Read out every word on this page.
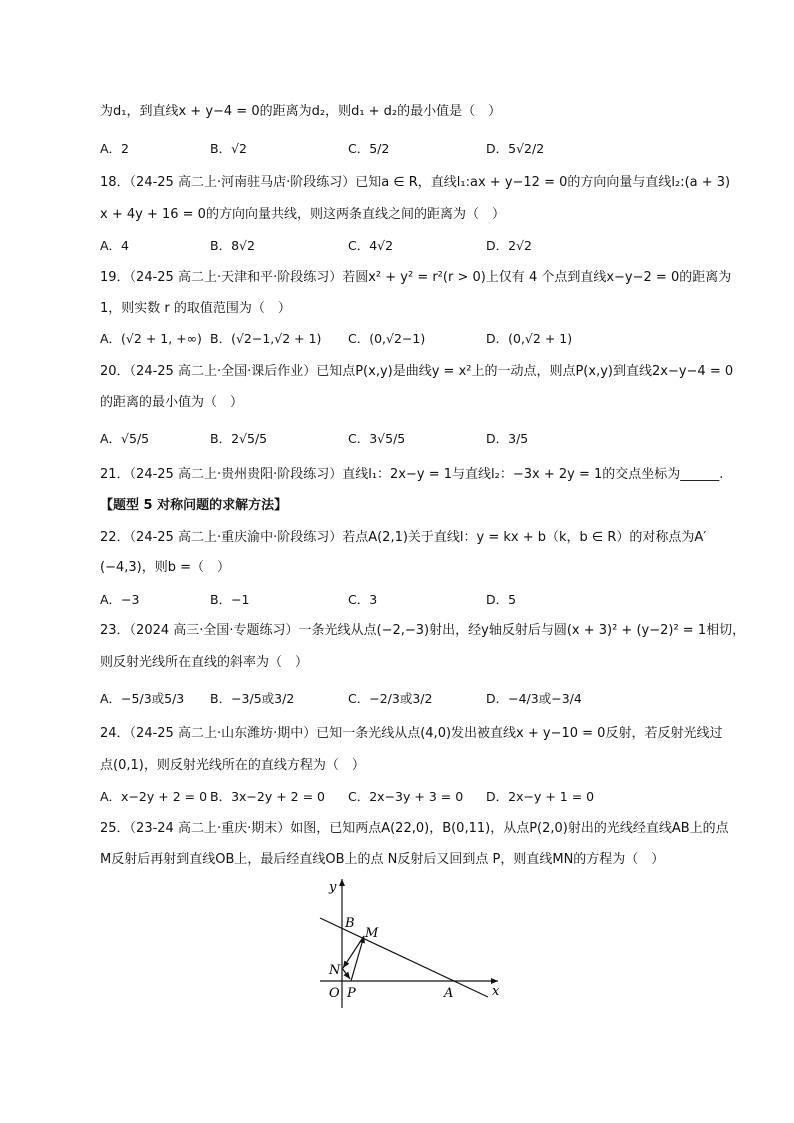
为d₁，到直线x + y−4 = 0的距离为d₂，则d₁ + d₂的最小值是（　）
A．2	B．√2	C．5/2	D．5√2/2
18．（24-25 高二上·河南驻马店·阶段练习）已知a ∈ R，直线l₁:ax + y−12 = 0的方向向量与直线l₂:(a + 3)
x + 4y + 16 = 0的方向向量共线，则这两条直线之间的距离为（　）
A．4	B．8√2	C．4√2	D．2√2
19．（24-25 高二上·天津和平·阶段练习）若圆x² + y² = r²(r > 0)上仅有 4 个点到直线x−y−2 = 0的距离为
1，则实数 r 的取值范围为（　）
A．(√2 + 1, +∞) B．(√2−1,√2 + 1) C．(0,√2−1)	D．(0,√2 + 1)
20．（24-25 高二上·全国·课后作业）已知点P(x,y)是曲线y = x²上的一动点，则点P(x,y)到直线2x−y−4 = 0
的距离的最小值为（　）
A．√5/5	B．2√5/5	C．3√5/5	D．3/5
21．（24-25 高二上·贵州贵阳·阶段练习）直线l₁：2x−y = 1与直线l₂：−3x + 2y = 1的交点坐标为______.
【题型 5 对称问题的求解方法】
22．（24-25 高二上·重庆渝中·阶段练习）若点A(2,1)关于直线l：y = kx + b（k，b ∈ R）的对称点为A′
(−4,3)，则b =（　）
A．−3	B．−1	C．3	D．5
23．（2024 高三·全国·专题练习）一条光线从点(−2,−3)射出，经y轴反射后与圆(x + 3)² + (y−2)² = 1相切，
则反射光线所在直线的斜率为（　）
A．−5/3或5/3 B．−3/5或3/2	C．−2/3或3/2	D．−4/3或−3/4
24．（24-25 高二上·山东潍坊·期中）已知一条光线从点(4,0)发出被直线x + y−10 = 0反射，若反射光线过
点(0,1)，则反射光线所在的直线方程为（　）
A．x−2y + 2 = 0 B．3x−2y + 2 = 0 C．2x−3y + 3 = 0 D．2x−y + 1 = 0
25．（23-24 高二上·重庆·期末）如图，已知两点A(22,0)，B(0,11)，从点P(2,0)射出的光线经直线AB上的点
M反射后再射到直线OB上，最后经直线OB上的点 N反射后又回到点 P，则直线MN的方程为（　）
y
x
B
M
N
O P	A
